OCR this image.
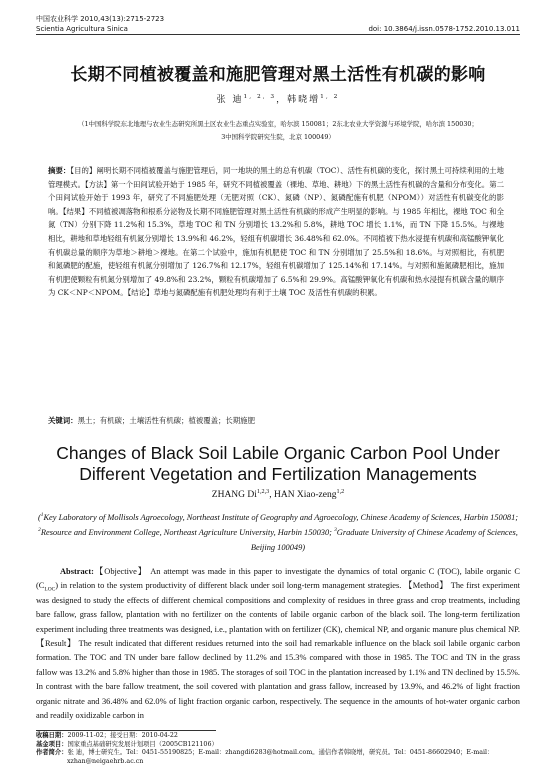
中国农业科学 2010,43(13):2715-2723
Scientia Agricultura Sinica	doi: 10.3864/j.issn.0578-1752.2010.13.011
长期不同植被覆盖和施肥管理对黑土活性有机碳的影响
张 迪$^{1, 2, 3}$，韩晓增$^{1, 2}$
（1中国科学院东北地理与农业生态研究所黑土区农业生态重点实验室，哈尔滨 150081；2东北农业大学资源与环境学院，哈尔滨 150030；
3中国科学院研究生院，北京 100049）
摘要：【目的】阐明长期不同植被覆盖与施肥管理后，同一地块的黑土的总有机碳（TOC）、活性有机碳的变化，探讨黑土可持续利用的土地管理模式。【方法】第一个田间试验开始于 1985 年，研究不同植被覆盖（裸地、草地、耕地）下的黑土活性有机碳的含量和分布变化。第二个田间试验开始于 1993 年，研究了不同施肥处理（无肥对照（CK）、氮磷（NP）、氮磷配施有机肥（NPOM））对活性有机碳变化的影响。【结果】不同植被凋落物和根系分泌物及长期不同施肥管理对黑土活性有机碳的形成产生明显的影响。与 1985 年相比，裸地 TOC 和全氮（TN）分别下降 11.2%和 15.3%，草地 TOC 和 TN 分别增长 13.2%和 5.8%，耕地 TOC 增长 1.1%，而 TN 下降 15.5%。与裸地相比，耕地和草地轻组有机氮分别增长 13.9%和 46.2%，轻组有机碳增长 36.48%和 62.0%。不同植被下热水浸提有机碳和高锰酸钾氧化有机碳总量的顺序为草地＞耕地＞裸地。在第二个试验中，施加有机肥使 TOC 和 TN 分别增加了 25.5%和 18.6%。与对照相比，有机肥和氮磷肥的配施，使轻组有机氮分别增加了 126.7%和 12.17%，轻组有机碳增加了 125.14%和 17.14%。与对照和施氮磷肥相比，施加有机肥使颗粒有机氮分别增加了 49.8%和 23.2%，颗粒有机碳增加了 6.5%和 29.9%。高锰酸钾氧化有机碳和热水浸提有机碳含量的顺序为 CK＜NP＜NPOM。【结论】草地与氮磷配施有机肥处理均有利于土壤 TOC 及活性有机碳的积累。
关键词：黑土；有机碳；土壤活性有机碳；植被覆盖；长期施肥
Changes of Black Soil Labile Organic Carbon Pool Under
Different Vegetation and Fertilization Managements
ZHANG Di$^{1,2,3}$, HAN Xiao-zeng$^{1,2}$
($^1$Key Laboratory of Mollisols Agroecology, Northeast Institute of Geography and Agroecology, Chinese Academy of Sciences, Harbin 150081; $^2$Resource and Environment College, Northeast Agriculture University, Harbin 150030; $^3$Graduate University of Chinese Academy of Sciences, Beijing 100049)
Abstract:【Objective】 An attempt was made in this paper to investigate the dynamics of total organic C (TOC), labile organic C $(C_{LOC})$ in relation to the system productivity of different black under soil long-term management strategies. 【Method】 The first experiment was designed to study the effects of different chemical compositions and complexity of residues in three grass and crop treatments, including bare fallow, grass fallow, plantation with no fertilizer on the contents of labile organic carbon of the black soil. The long-term fertilization experiment including three treatments was designed, i.e., plantation with on fertilizer (CK), chemical NP, and organic manure plus chemical NP. 【Result】 The result indicated that different residues returned into the soil had remarkable influence on the black soil labile organic carbon formation. The TOC and TN under bare fallow declined by 11.2% and 15.3% compared with those in 1985. The TOC and TN in the grass fallow was 13.2% and 5.8% higher than those in 1985. The storages of soil TOC in the plantation increased by 1.1% and TN declined by 15.5%. In contrast with the bare fallow treatment, the soil covered with plantation and grass fallow, increased by 13.9%, and 46.2% of light fraction organic nitrate and 36.48% and 62.0% of light fraction organic carbon, respectively. The sequence in the amounts of hot-water organic carbon and readily oxidizable carbon in
收稿日期：2009-11-02；接受日期：2010-04-22
基金项目：国家重点基础研究发展计划项目（2005CB121106）
作者简介：张 迪，博士研究生。Tel：0451-55190825；E-mail：zhangdi6283@hotmail.com。通信作者韩晓增，研究员。Tel：0451-86602940；E-mail：
xzhan@neigaehrb.ac.cn
